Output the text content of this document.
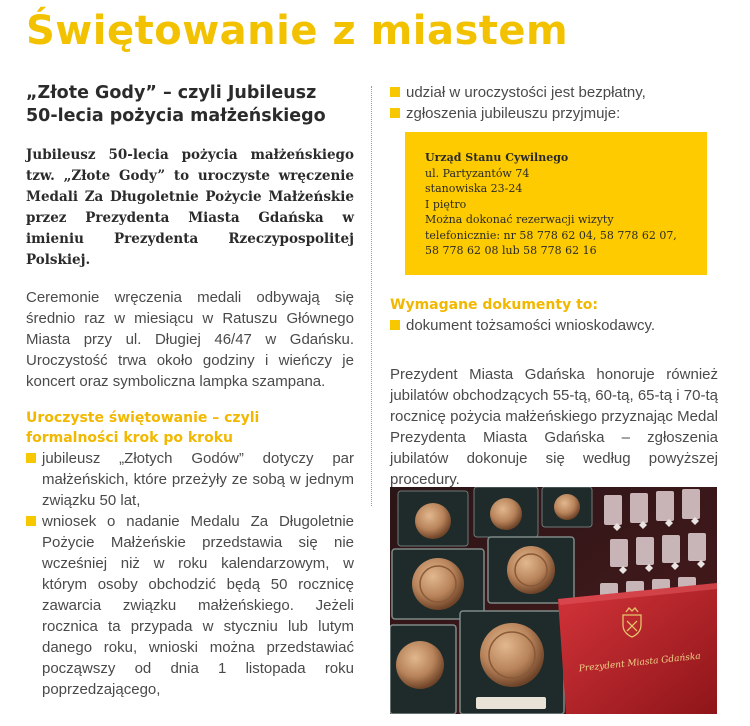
Świętowanie z miastem
„Złote Gody” – czyli Jubileusz
50-lecia pożycia małżeńskiego

Jubileusz 50-lecia pożycia małżeńskiego tzw. „Złote Gody” to uroczyste wręczenie Medali Za Długoletnie Pożycie Małżeńskie przez Prezydenta Miasta Gdańska w imieniu Prezydenta Rzeczypospolitej Polskiej.

Ceremonie wręczenia medali odbywają się średnio raz w miesiącu w Ratuszu Głównego Miasta przy ul. Długiej 46/47 w Gdańsku. Uroczystość trwa około godziny i wieńczy je koncert oraz symboliczna lampka szampana.

Uroczyste świętowanie – czyli formalności krok po kroku
jubileusz „Złotych Godów” dotyczy par małżeńskich, które przeżyły ze sobą w jednym związku 50 lat,
wniosek o nadanie Medalu Za Długoletnie Pożycie Małżeńskie przedstawia się nie wcześniej niż w roku kalendarzowym, w którym osoby obchodzić będą 50 rocznicę zawarcia związku małżeńskiego. Jeżeli rocznica ta przypada w styczniu lub lutym danego roku, wnioski można przedstawiać począwszy od dnia 1 listopada roku poprzedzającego,
udział w uroczystości jest bezpłatny,
zgłoszenia jubileuszu przyjmuje:
Urząd Stanu Cywilnego
ul. Partyzantów 74
stanowiska 23-24
I piętro
Można dokonać rezerwacji wizyty
telefonicznie: nr 58 778 62 04, 58 778 62 07,
58 778 62 08 lub 58 778 62 16
Wymagane dokumenty to:
dokument tożsamości wnioskodawcy.

Prezydent Miasta Gdańska honoruje również jubilatów obchodzących 55-tą, 60-tą, 65-tą i 70-tą rocznicę pożycia małżeńskiego przyznając Medal Prezydenta Miasta Gdańska – zgłoszenia jubilatów dokonuje się według powyższej procedury.

Prezydent Miasta Gdańska
